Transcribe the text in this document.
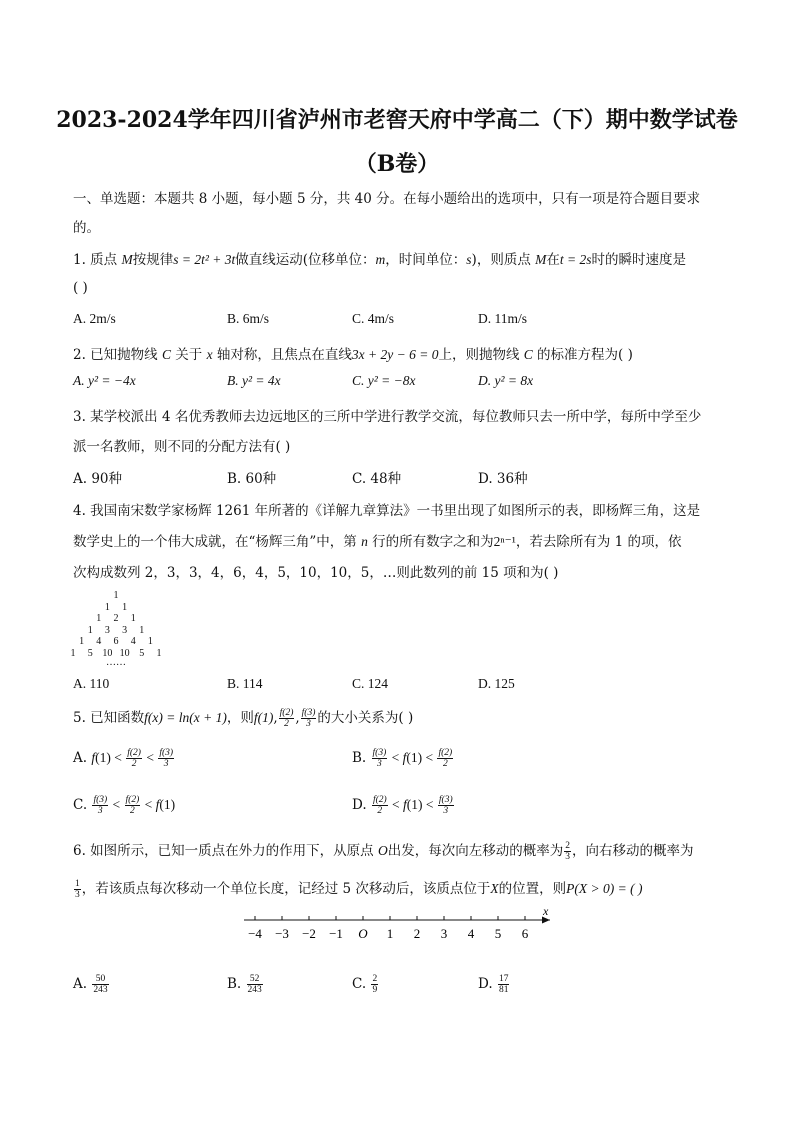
2023-2024学年四川省泸州市老窖天府中学高二（下）期中数学试卷
（B卷）
一、单选题：本题共 8 小题，每小题 5 分，共 40 分。在每小题给出的选项中，只有一项是符合题目要求
的。
1. 质点 M按规律s = 2t² + 3t做直线运动(位移单位：m，时间单位：s)，则质点 M在t = 2s时的瞬时速度是
( )
A. 2m/s	B. 6m/s	C. 4m/s	D. 11m/s
2. 已知抛物线 C 关于 x 轴对称，且焦点在直线3x + 2y − 6 = 0上，则抛物线 C 的标准方程为( )
A. y² = −4x	B. y² = 4x	C. y² = −8x	D. y² = 8x
3. 某学校派出 4 名优秀教师去边远地区的三所中学进行教学交流，每位教师只去一所中学，每所中学至少
派一名教师，则不同的分配方法有( )
A. 90种	B. 60种	C. 48种	D. 36种
4. 我国南宋数学家杨辉 1261 年所著的《详解九章算法》一书里出现了如图所示的表，即杨辉三角，这是
数学史上的一个伟大成就，在“杨辉三角”中，第 n 行的所有数字之和为2ⁿ⁻¹，若去除所有为 1 的项，依
次构成数列 2，3，3，4，6，4，5，10，10，5，…则此数列的前 15 项和为( )
1
1	1
1	2	1
1	3	3	1
1	4	6	4	1
1	5 10 10 5	1
……
A. 110	B. 114	C. 124	D. 125
5. 已知函数f(x) = ln(x + 1)，则f(1), $\frac{f(2)}{2}$ , $\frac{f(3)}{3}$ 的大小关系为( )
A. $f(1) < \frac{f(2)}{2} < \frac{f(3)}{3}$	B. $\frac{f(3)}{3} < f(1) < \frac{f(2)}{2}$
C. $\frac{f(3)}{3} < \frac{f(2)}{2} < f(1)$	D. $\frac{f(2)}{2} < f(1) < \frac{f(3)}{3}$
6. 如图所示，已知一质点在外力的作用下，从原点 O出发，每次向左移动的概率为 $\frac{2}{3}$ ，向右移动的概率为
$\frac{1}{3}$ ，若该质点每次移动一个单位长度，记经过 5 次移动后，该质点位于X的位置，则P(X > 0) = ( )
x
−4 −3 −2 −1 O 1 2 3 4 5 6
A. $\frac{50}{243}$	B. $\frac{52}{243}$	C. $\frac{2}{9}$	D. $\frac{17}{81}$
